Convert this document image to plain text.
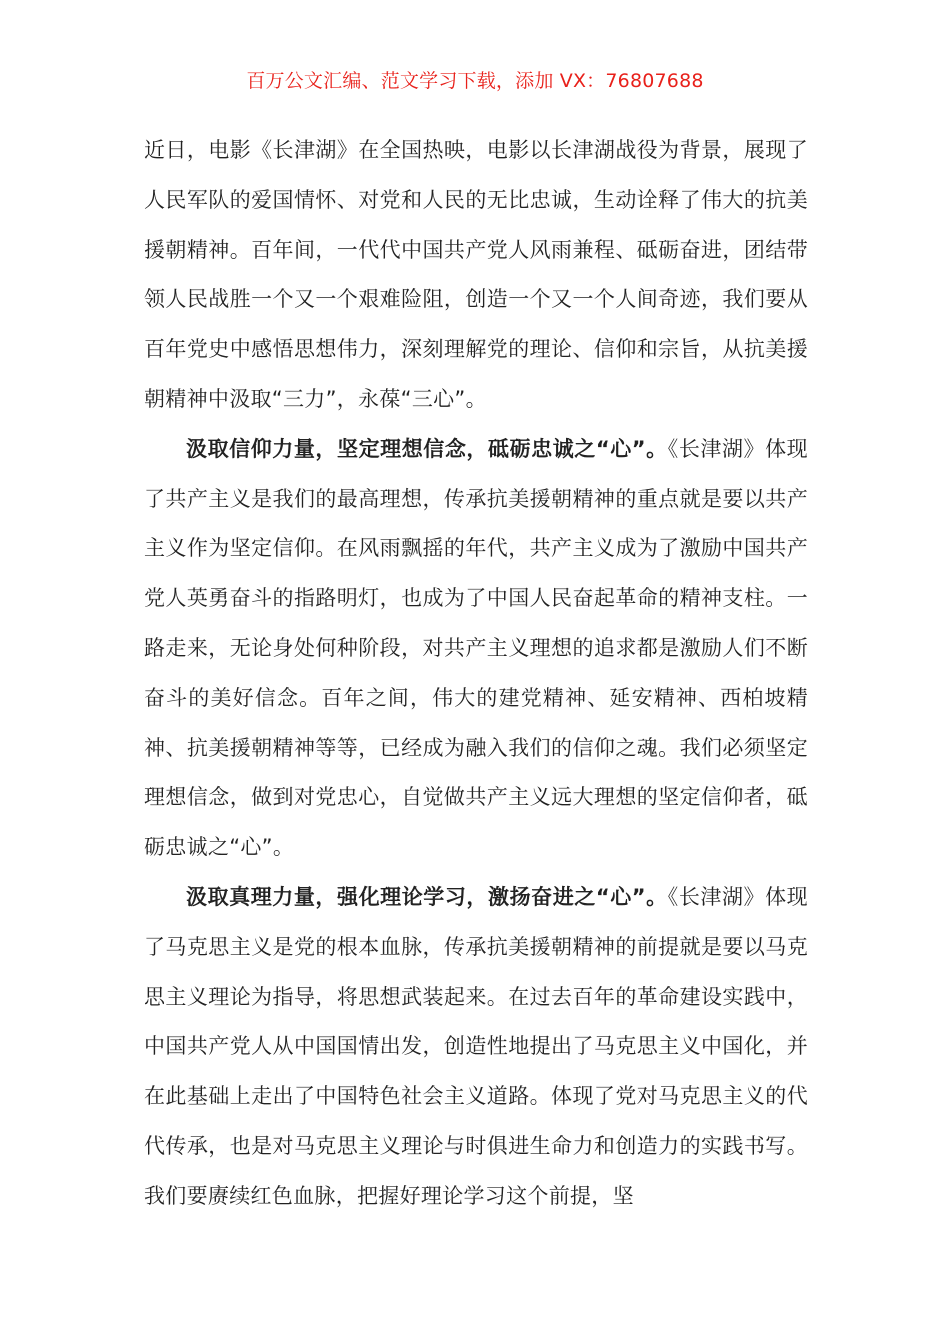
百万公文汇编、范文学习下载，添加 VX：76807688

近日，电影《长津湖》在全国热映，电影以长津湖战役为背景，展现了人民军队的爱国情怀、对党和人民的无比忠诚，生动诠释了伟大的抗美援朝精神。百年间，一代代中国共产党人风雨兼程、砥砺奋进，团结带领人民战胜一个又一个艰难险阻，创造一个又一个人间奇迹，我们要从百年党史中感悟思想伟力，深刻理解党的理论、信仰和宗旨，从抗美援朝精神中汲取“三力”，永葆“三心”。

汲取信仰力量，坚定理想信念，砥砺忠诚之“心”。《长津湖》体现了共产主义是我们的最高理想，传承抗美援朝精神的重点就是要以共产主义作为坚定信仰。在风雨飘摇的年代，共产主义成为了激励中国共产党人英勇奋斗的指路明灯，也成为了中国人民奋起革命的精神支柱。一路走来，无论身处何种阶段，对共产主义理想的追求都是激励人们不断奋斗的美好信念。百年之间，伟大的建党精神、延安精神、西柏坡精神、抗美援朝精神等等，已经成为融入我们的信仰之魂。我们必须坚定理想信念，做到对党忠心，自觉做共产主义远大理想的坚定信仰者，砥砺忠诚之“心”。

汲取真理力量，强化理论学习，激扬奋进之“心”。《长津湖》体现了马克思主义是党的根本血脉，传承抗美援朝精神的前提就是要以马克思主义理论为指导，将思想武装起来。在过去百年的革命建设实践中，中国共产党人从中国国情出发，创造性地提出了马克思主义中国化，并在此基础上走出了中国特色社会主义道路。体现了党对马克思主义的代代传承，也是对马克思主义理论与时俱进生命力和创造力的实践书写。我们要赓续红色血脉，把握好理论学习这个前提，坚
